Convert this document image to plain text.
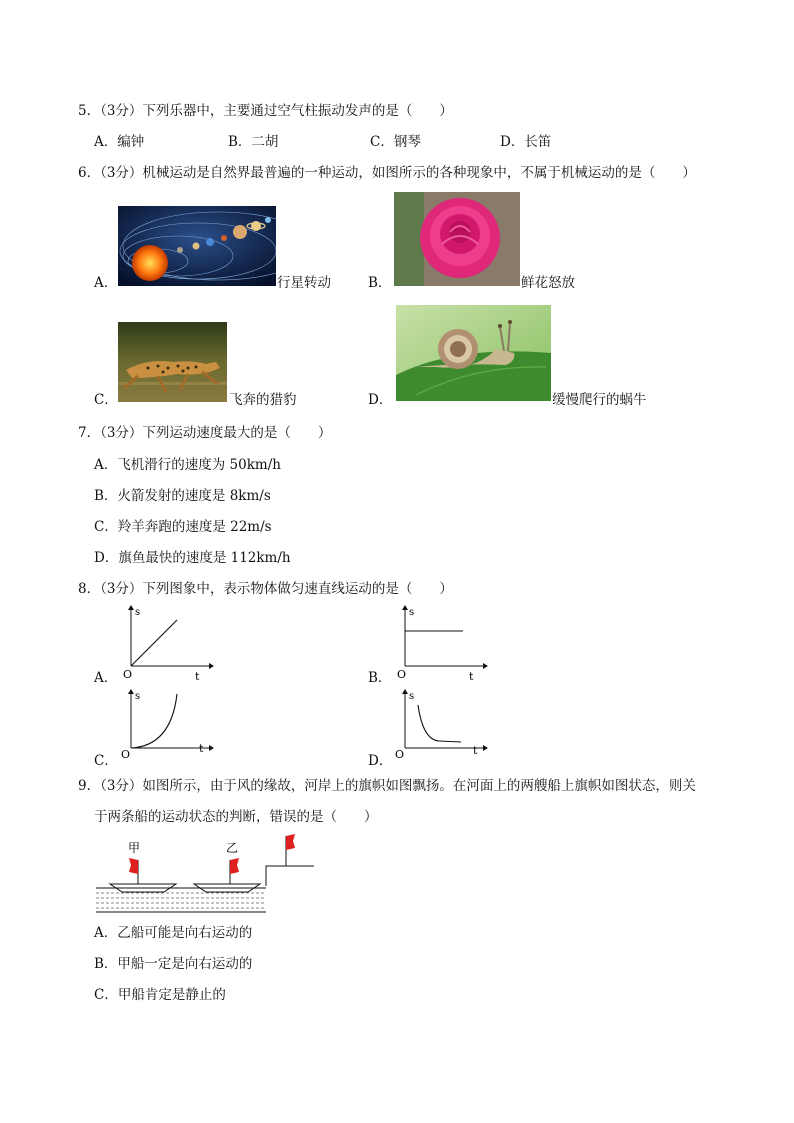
5．（3分）下列乐器中，主要通过空气柱振动发声的是（　　）
A．编钟	B．二胡	C．钢琴	D．长笛
6．（3分）机械运动是自然界最普遍的一种运动，如图所示的各种现象中，不属于机械运动的是（　　）
A．	行星转动	B．	鲜花怒放
C．	飞奔的猎豹	D．	缓慢爬行的蜗牛
7．（3分）下列运动速度最大的是（　　）
A．飞机滑行的速度为 50km/h
B．火箭发射的速度是 8km/s
C．羚羊奔跑的速度是 22m/s
D．旗鱼最快的速度是 112km/h
8．（3分）下列图象中，表示物体做匀速直线运动的是（　　）
A．
s
O	t	B．
s
O	t
C．
s
O	t
D．
s
O	t
9．（3分）如图所示，由于风的缘故，河岸上的旗帜如图飘扬。在河面上的两艘船上旗帜如图状态，则关
于两条船的运动状态的判断，错误的是（　　）
甲	乙
A．乙船可能是向右运动的
B．甲船一定是向右运动的
C．甲船肯定是静止的
